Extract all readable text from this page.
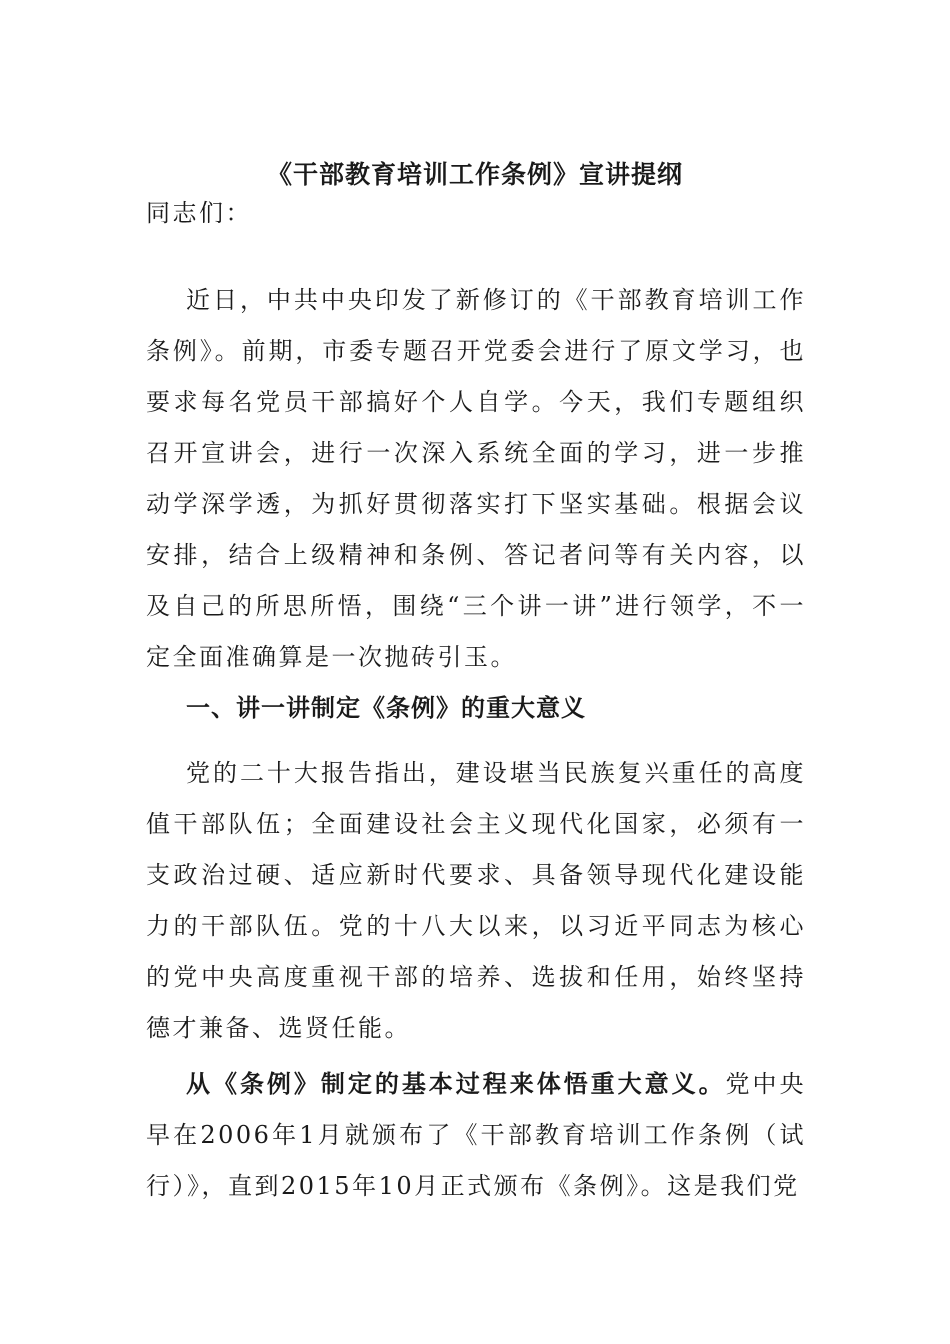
《干部教育培训工作条例》宣讲提纲

同志们：

近日，中共中央印发了新修订的《干部教育培训工作条例》。前期，市委专题召开党委会进行了原文学习，也要求每名党员干部搞好个人自学。今天，我们专题组织召开宣讲会，进行一次深入系统全面的学习，进一步推动学深学透，为抓好贯彻落实打下坚实基础。根据会议安排，结合上级精神和条例、答记者问等有关内容，以及自己的所思所悟，围绕“三个讲一讲”进行领学，不一定全面准确算是一次抛砖引玉。

一、讲一讲制定《条例》的重大意义

党的二十大报告指出，建设堪当民族复兴重任的高度值干部队伍；全面建设社会主义现代化国家，必须有一支政治过硬、适应新时代要求、具备领导现代化建设能力的干部队伍。党的十八大以来，以习近平同志为核心的党中央高度重视干部的培养、选拔和任用，始终坚持德才兼备、选贤任能。

从《条例》制定的基本过程来体悟重大意义。党中央早在2006年1月就颁布了《干部教育培训工作条例（试行）》，直到2015年10月正式颁布《条例》。这是我们党
